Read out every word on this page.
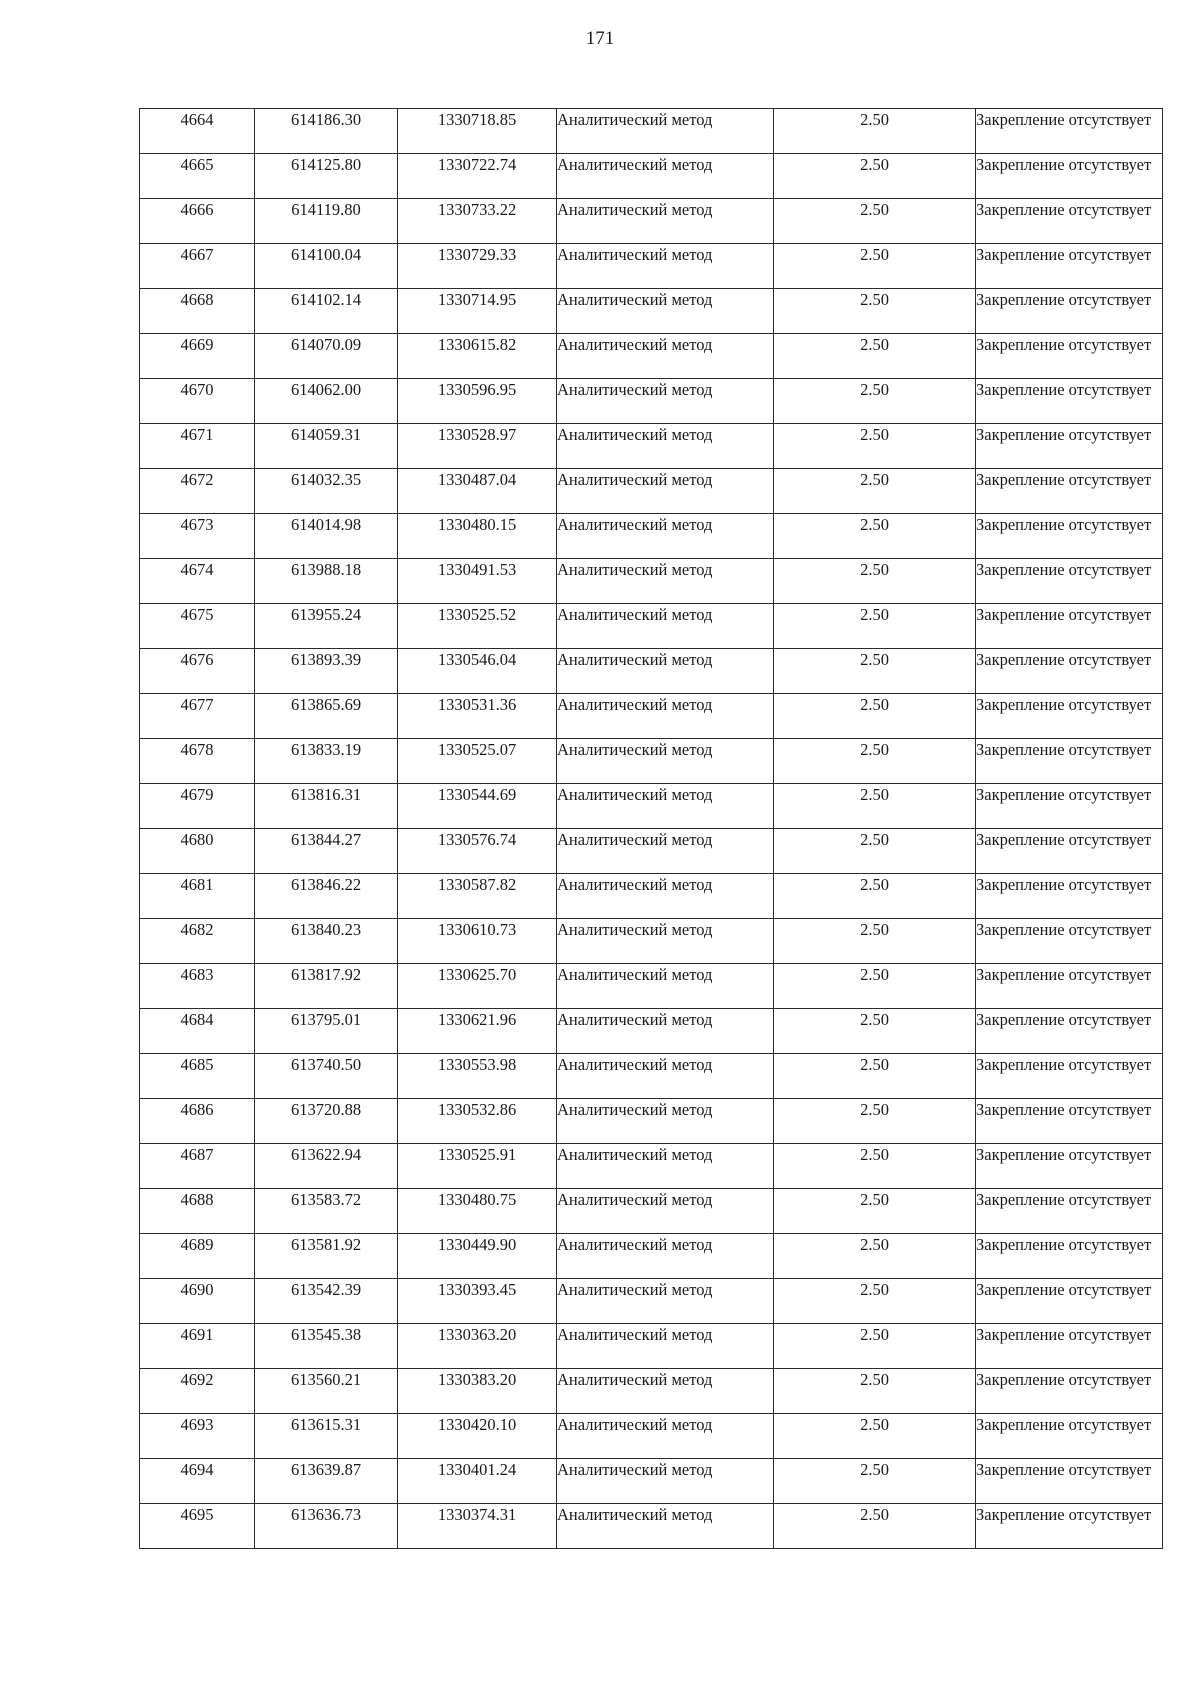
171
4664	614186.30	1330718.85	Аналитический метод	2.50	Закрепление отсутствует
4665	614125.80	1330722.74	Аналитический метод	2.50	Закрепление отсутствует
4666	614119.80	1330733.22	Аналитический метод	2.50	Закрепление отсутствует
4667	614100.04	1330729.33	Аналитический метод	2.50	Закрепление отсутствует
4668	614102.14	1330714.95	Аналитический метод	2.50	Закрепление отсутствует
4669	614070.09	1330615.82	Аналитический метод	2.50	Закрепление отсутствует
4670	614062.00	1330596.95	Аналитический метод	2.50	Закрепление отсутствует
4671	614059.31	1330528.97	Аналитический метод	2.50	Закрепление отсутствует
4672	614032.35	1330487.04	Аналитический метод	2.50	Закрепление отсутствует
4673	614014.98	1330480.15	Аналитический метод	2.50	Закрепление отсутствует
4674	613988.18	1330491.53	Аналитический метод	2.50	Закрепление отсутствует
4675	613955.24	1330525.52	Аналитический метод	2.50	Закрепление отсутствует
4676	613893.39	1330546.04	Аналитический метод	2.50	Закрепление отсутствует
4677	613865.69	1330531.36	Аналитический метод	2.50	Закрепление отсутствует
4678	613833.19	1330525.07	Аналитический метод	2.50	Закрепление отсутствует
4679	613816.31	1330544.69	Аналитический метод	2.50	Закрепление отсутствует
4680	613844.27	1330576.74	Аналитический метод	2.50	Закрепление отсутствует
4681	613846.22	1330587.82	Аналитический метод	2.50	Закрепление отсутствует
4682	613840.23	1330610.73	Аналитический метод	2.50	Закрепление отсутствует
4683	613817.92	1330625.70	Аналитический метод	2.50	Закрепление отсутствует
4684	613795.01	1330621.96	Аналитический метод	2.50	Закрепление отсутствует
4685	613740.50	1330553.98	Аналитический метод	2.50	Закрепление отсутствует
4686	613720.88	1330532.86	Аналитический метод	2.50	Закрепление отсутствует
4687	613622.94	1330525.91	Аналитический метод	2.50	Закрепление отсутствует
4688	613583.72	1330480.75	Аналитический метод	2.50	Закрепление отсутствует
4689	613581.92	1330449.90	Аналитический метод	2.50	Закрепление отсутствует
4690	613542.39	1330393.45	Аналитический метод	2.50	Закрепление отсутствует
4691	613545.38	1330363.20	Аналитический метод	2.50	Закрепление отсутствует
4692	613560.21	1330383.20	Аналитический метод	2.50	Закрепление отсутствует
4693	613615.31	1330420.10	Аналитический метод	2.50	Закрепление отсутствует
4694	613639.87	1330401.24	Аналитический метод	2.50	Закрепление отсутствует
4695	613636.73	1330374.31	Аналитический метод	2.50	Закрепление отсутствует
